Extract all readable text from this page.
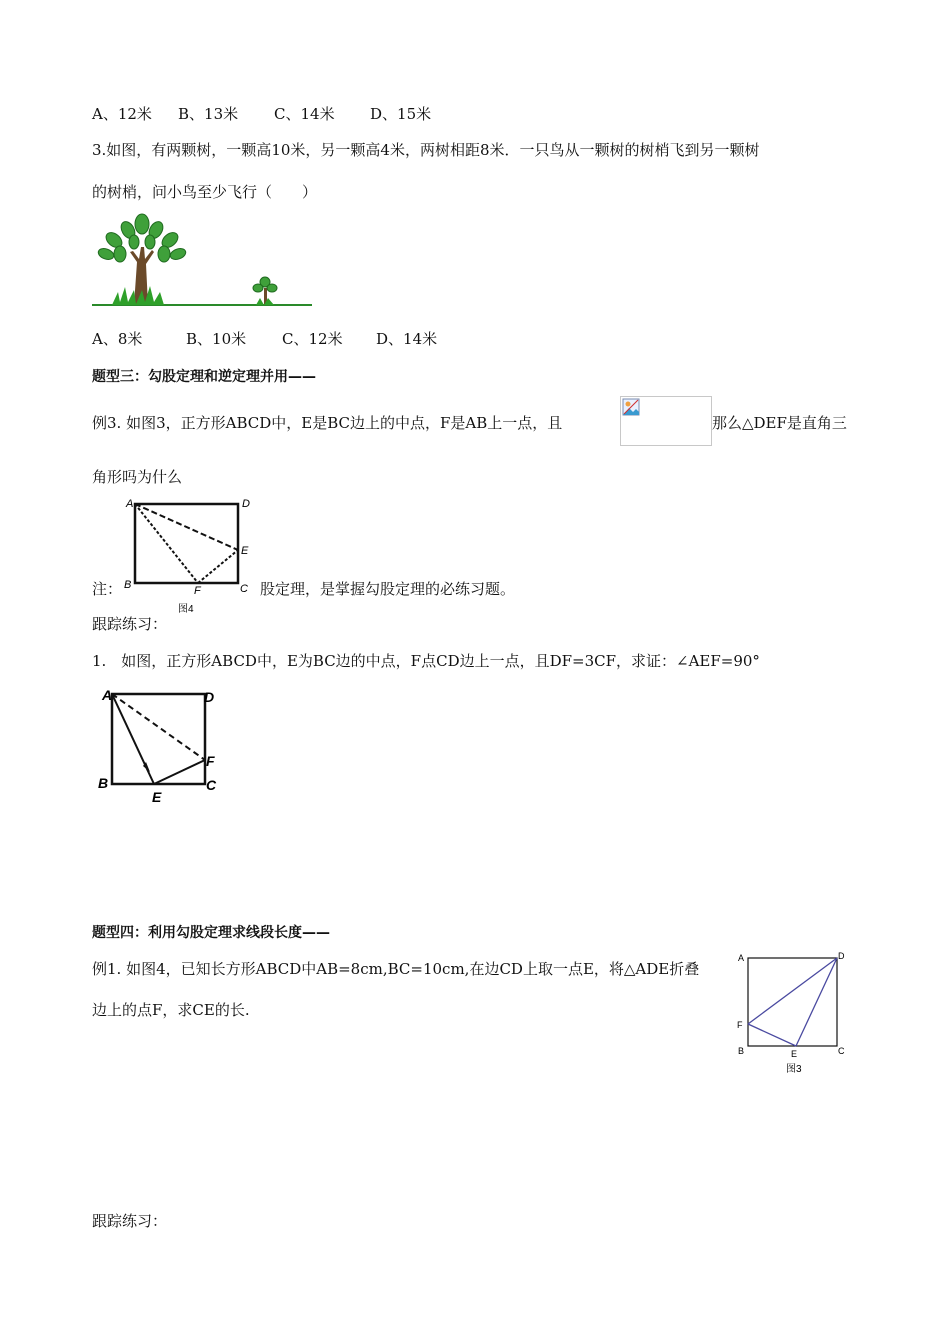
A、12米 B、13米 C、14米 D、15米
3.如图，有两颗树，一颗高10米，另一颗高4米，两树相距8米．一只鸟从一颗树的树梢飞到另一颗树
的树梢，问小鸟至少飞行（　　）
A、8米	B、10米 C、12米 D、14米
题型三：勾股定理和逆定理并用——
例3. 如图3，正方形ABCD中，E是BC边上的中点，F是AB上一点，且	那么△DEF是直角三
角形吗为什么
A	D
E
B	F	C
图4
注：	股定理，是掌握勾股定理的必练习题。
跟踪练习：
1.　如图，正方形ABCD中，E为BC边的中点，F点CD边上一点，且DF=3CF，求证：∠AEF=90°
A	D
F
B
E
C
题型四：利用勾股定理求线段长度——
例1. 如图4，已知长方形ABCD中AB=8cm,BC=10cm,在边CD上取一点E，将△ADE折叠
边上的点F，求CE的长.
A	D
F
B	E	C
图3
跟踪练习：
